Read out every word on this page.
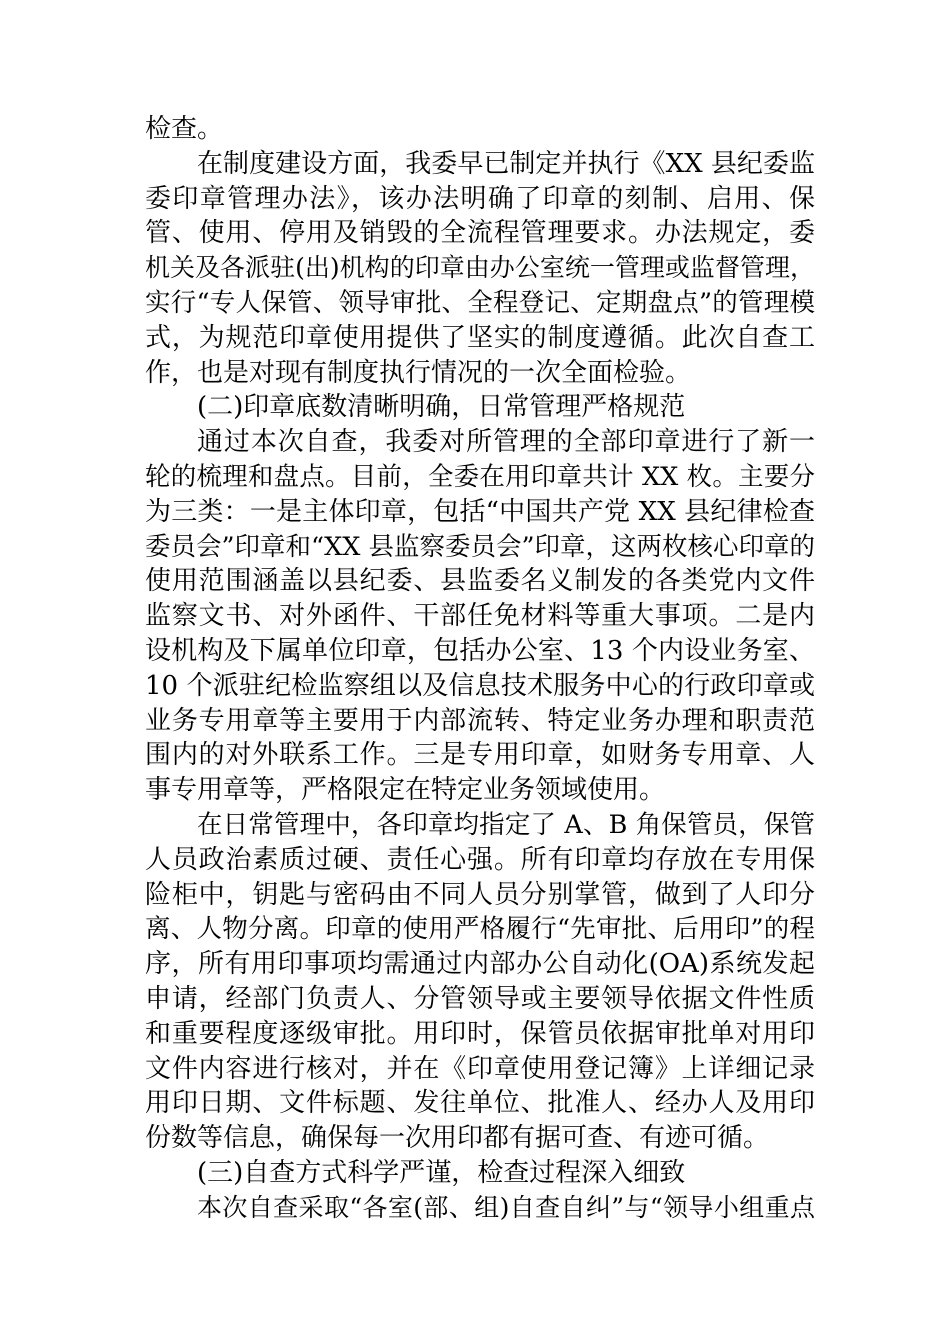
检查。
在制度建设方面，我委早已制定并执行《XX 县纪委监
委印章管理办法》，该办法明确了印章的刻制、启用、保
管、使用、停用及销毁的全流程管理要求。办法规定，委
机关及各派驻(出)机构的印章由办公室统一管理或监督管理，
实行“专人保管、领导审批、全程登记、定期盘点”的管理模
式，为规范印章使用提供了坚实的制度遵循。此次自查工
作，也是对现有制度执行情况的一次全面检验。
(二)印章底数清晰明确，日常管理严格规范
通过本次自查，我委对所管理的全部印章进行了新一
轮的梳理和盘点。目前，全委在用印章共计 XX 枚。主要分
为三类：一是主体印章，包括“中国共产党 XX 县纪律检查
委员会”印章和“XX 县监察委员会”印章，这两枚核心印章的
使用范围涵盖以县纪委、县监委名义制发的各类党内文件
监察文书、对外函件、干部任免材料等重大事项。二是内
设机构及下属单位印章，包括办公室、13 个内设业务室、
10 个派驻纪检监察组以及信息技术服务中心的行政印章或
业务专用章等主要用于内部流转、特定业务办理和职责范
围内的对外联系工作。三是专用印章，如财务专用章、人
事专用章等，严格限定在特定业务领域使用。
在日常管理中，各印章均指定了 A、B 角保管员，保管
人员政治素质过硬、责任心强。所有印章均存放在专用保
险柜中，钥匙与密码由不同人员分别掌管，做到了人印分
离、人物分离。印章的使用严格履行“先审批、后用印”的程
序，所有用印事项均需通过内部办公自动化(OA)系统发起
申请，经部门负责人、分管领导或主要领导依据文件性质
和重要程度逐级审批。用印时，保管员依据审批单对用印
文件内容进行核对，并在《印章使用登记簿》上详细记录
用印日期、文件标题、发往单位、批准人、经办人及用印
份数等信息，确保每一次用印都有据可查、有迹可循。
(三)自查方式科学严谨，检查过程深入细致
本次自查采取“各室(部、组)自查自纠”与“领导小组重点
